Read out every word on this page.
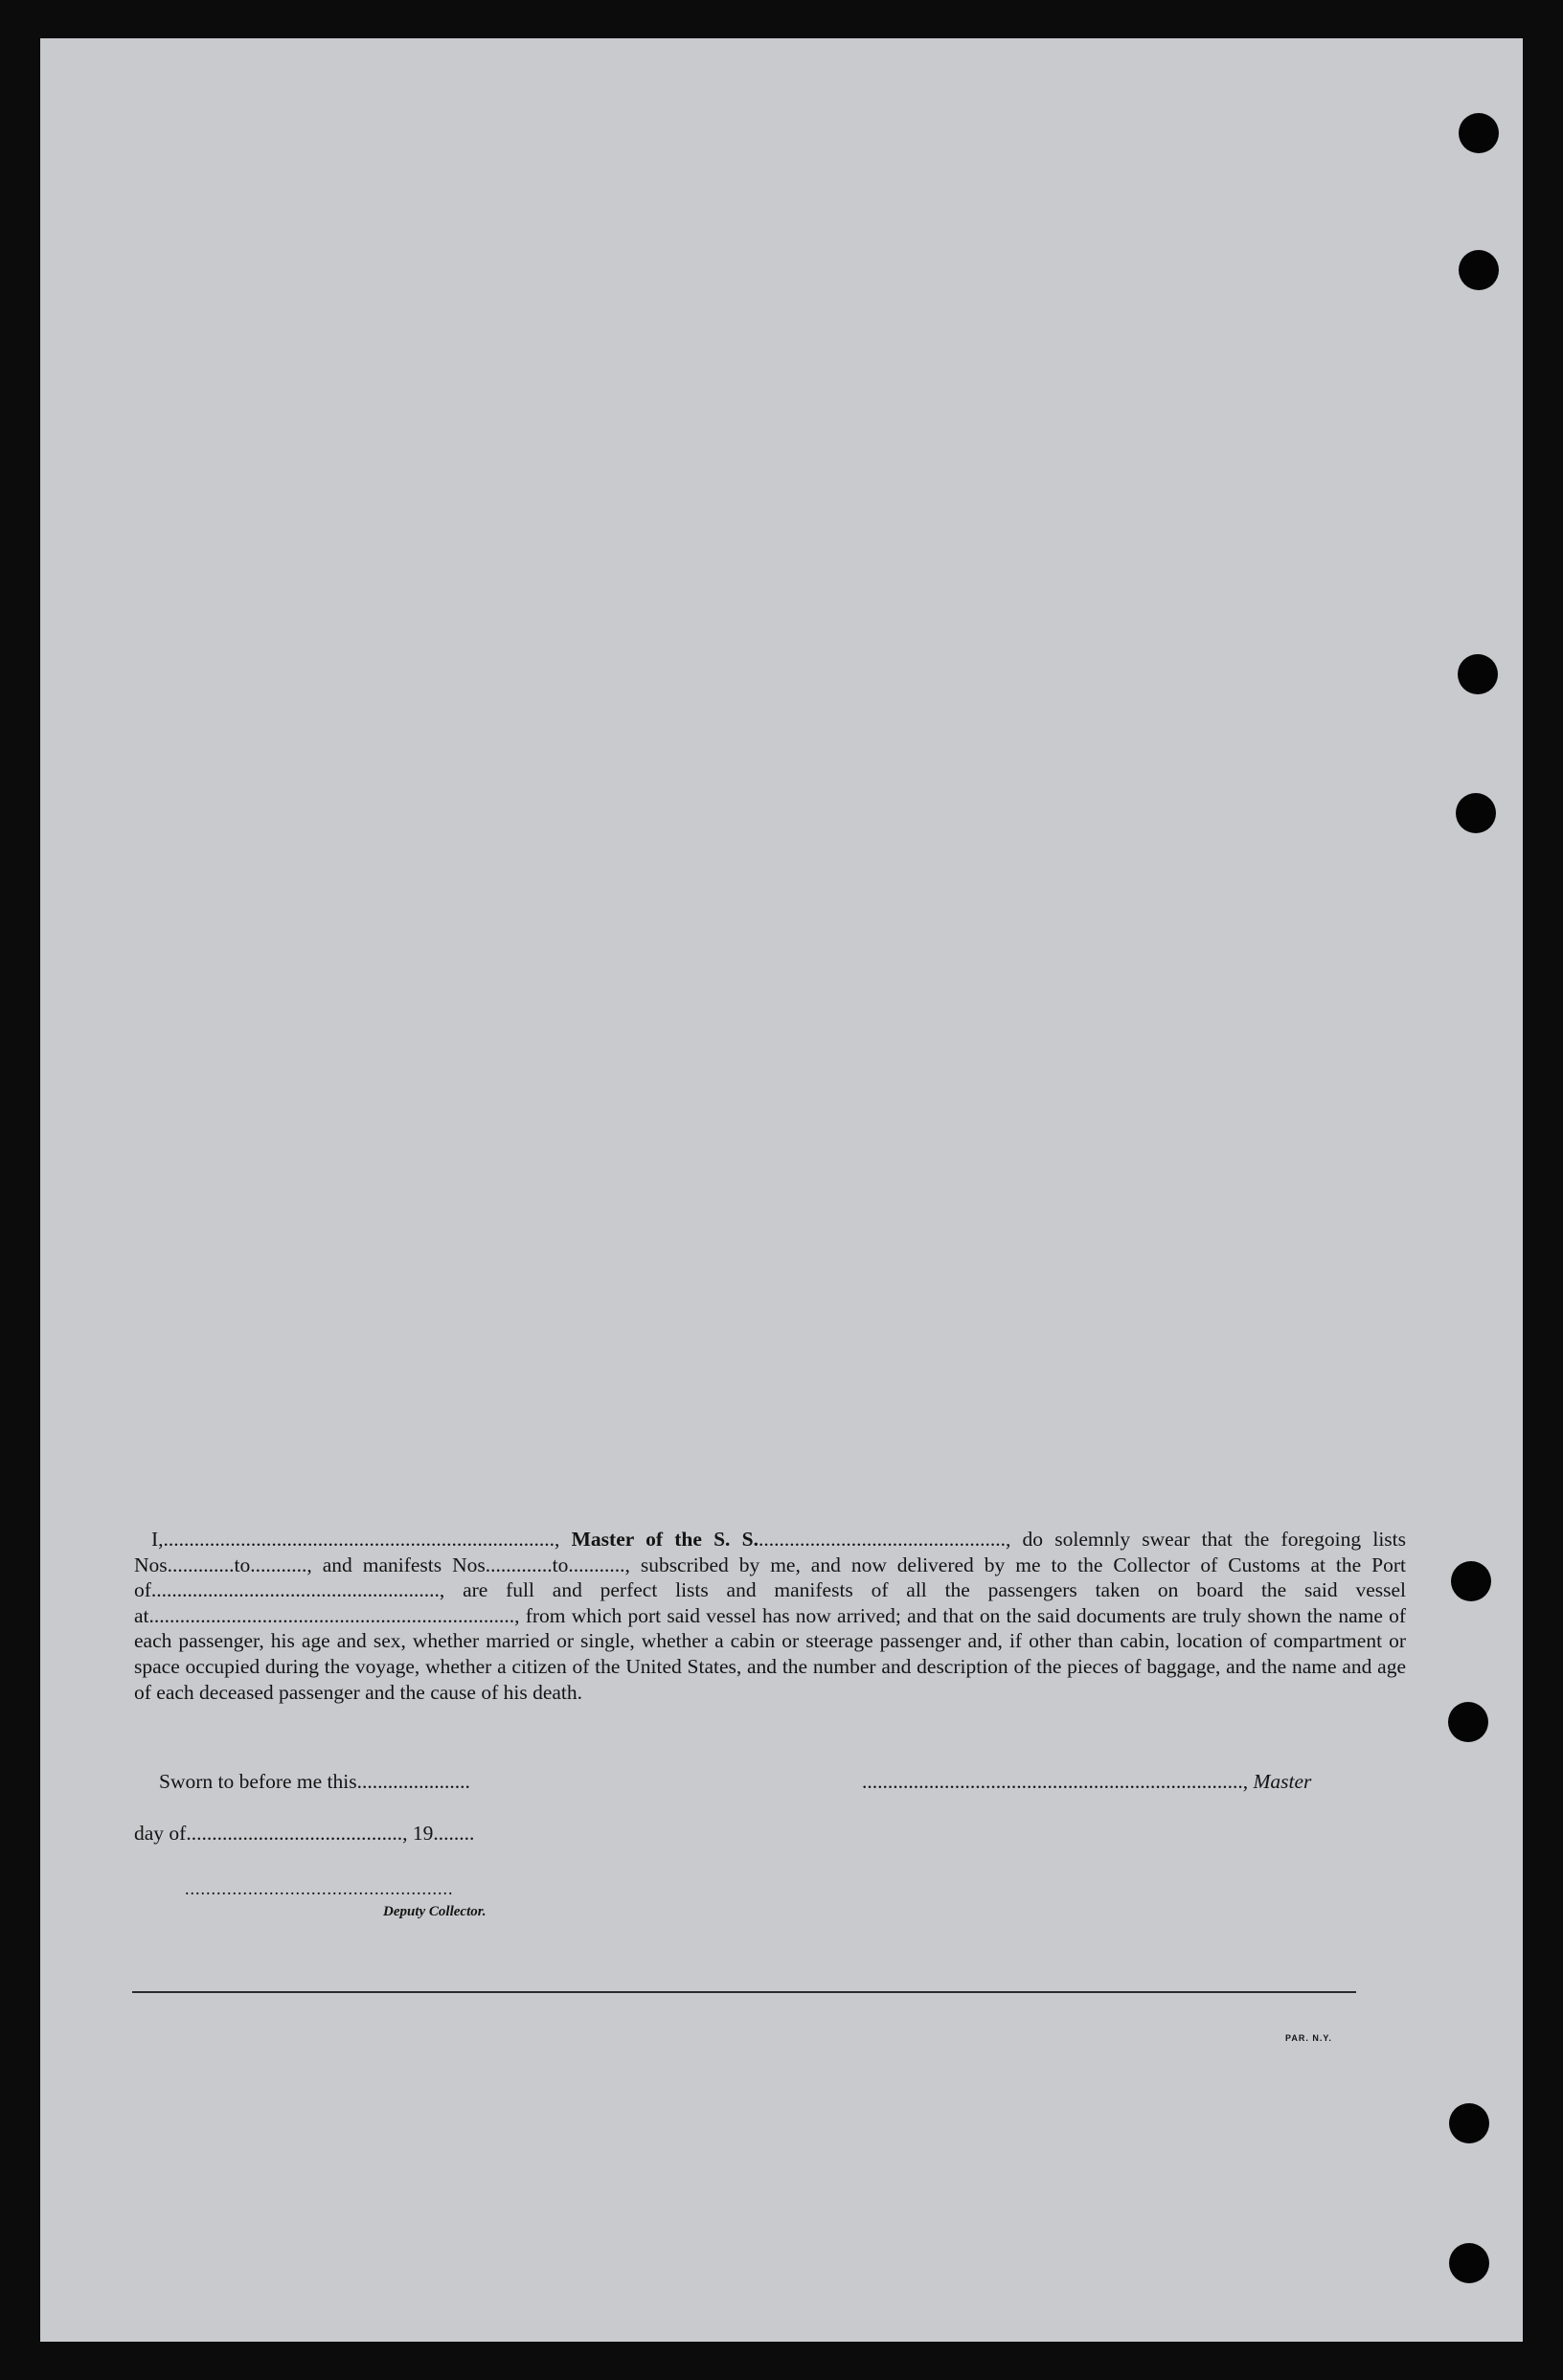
I,............................................................................, Master of the S. S................................................., do solemnly swear that the foregoing lists Nos.............to..........., and manifests Nos.............to..........., subscribed by me, and now delivered by me to the Collector of Customs at the Port of........................................................, are full and perfect lists and manifests of all the passengers taken on board the said vessel at......................................................................., from which port said vessel has now arrived; and that on the said documents are truly shown the name of each passenger, his age and sex, whether married or single, whether a cabin or steerage passenger and, if other than cabin, location of compartment or space occupied during the voyage, whether a citizen of the United States, and the number and description of the pieces of baggage, and the name and age of each deceased passenger and the cause of his death.
Sworn to before me this......................	.........................................................................., Master
day of.........................................., 19........
...................................................
Deputy Collector.
PAR. N.Y.
